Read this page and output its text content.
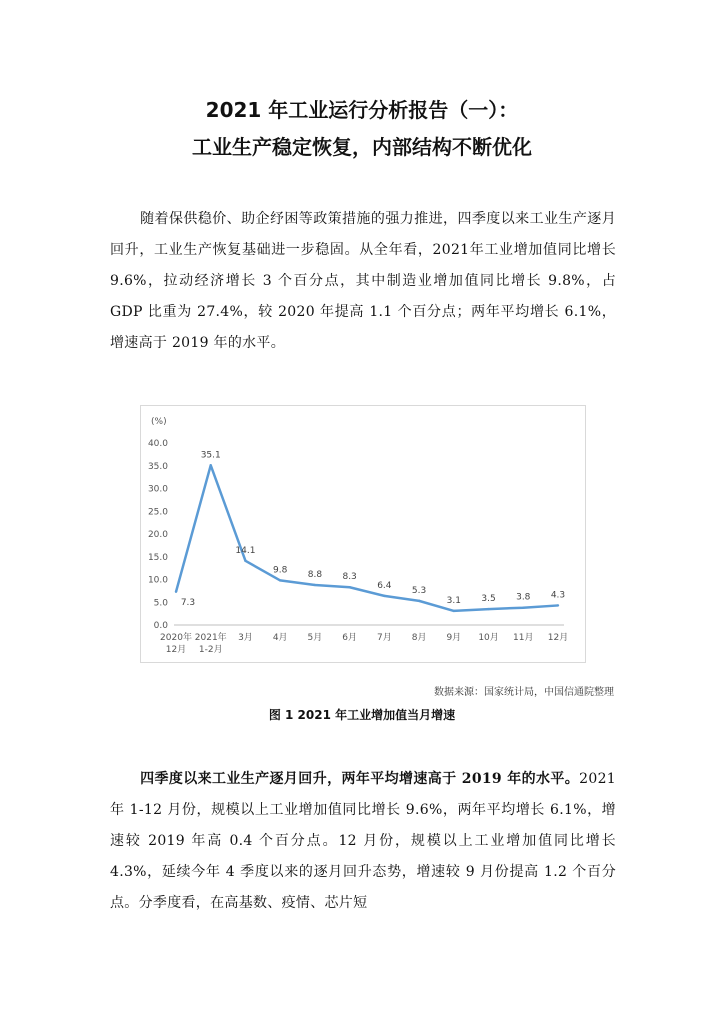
2021 年工业运行分析报告（一）：
工业生产稳定恢复，内部结构不断优化
随着保供稳价、助企纾困等政策措施的强力推进，四季度以来工业生产逐月回升，工业生产恢复基础进一步稳固。从全年看，2021年工业增加值同比增长 9.6%，拉动经济增长 3 个百分点，其中制造业增加值同比增长 9.8%，占 GDP 比重为 27.4%，较 2020 年提高 1.1 个百分点；两年平均增长 6.1%，增速高于 2019 年的水平。
(%)
0.0
5.0
10.0
15.0
20.0
25.0
30.0
35.0
40.0
2020年
12月
2021年
1-2月
3月 4月 5月 6月 7月 8月 9月 10月 11月 12月
7.3
35.1
14.1
9.8 8.8 8.3
6.4
5.3
3.1 3.5 3.8 4.3
数据来源：国家统计局，中国信通院整理
图 1 2021 年工业增加值当月增速
四季度以来工业生产逐月回升，两年平均增速高于 2019 年的水平。2021 年 1-12 月份，规模以上工业增加值同比增长 9.6%，两年平均增长 6.1%，增速较 2019 年高 0.4 个百分点。12 月份，规模以上工业增加值同比增长 4.3%，延续今年 4 季度以来的逐月回升态势，增速较 9 月份提高 1.2 个百分点。分季度看，在高基数、疫情、芯片短
